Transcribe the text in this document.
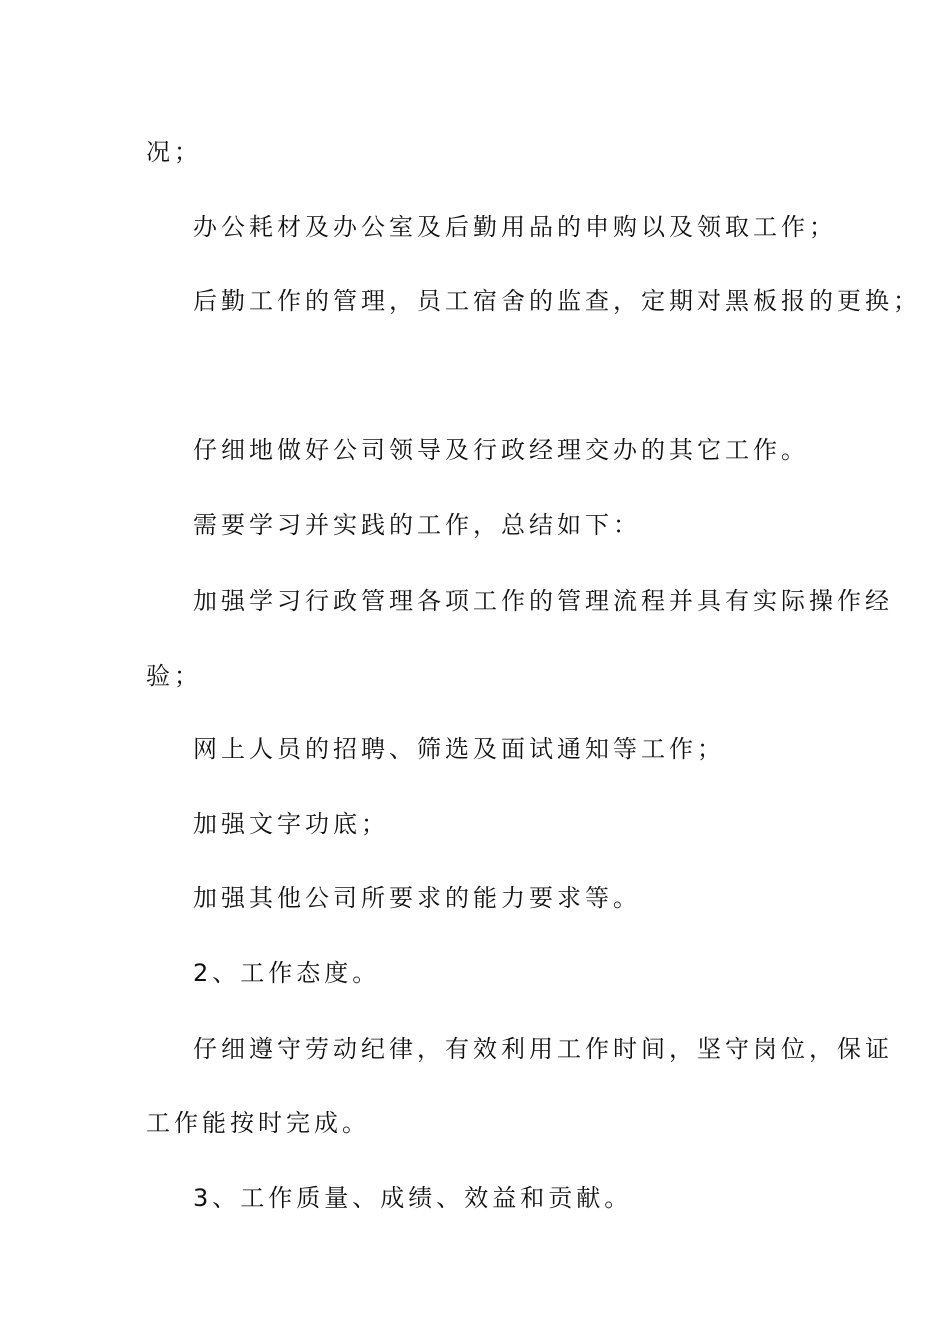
况；
办公耗材及办公室及后勤用品的申购以及领取工作；
后勤工作的管理，员工宿舍的监查，定期对黑板报的更换；
仔细地做好公司领导及行政经理交办的其它工作。
需要学习并实践的工作，总结如下：
加强学习行政管理各项工作的管理流程并具有实际操作经
验；
网上人员的招聘、筛选及面试通知等工作；
加强文字功底；
加强其他公司所要求的能力要求等。
2、工作态度。
仔细遵守劳动纪律，有效利用工作时间，坚守岗位，保证
工作能按时完成。
3、工作质量、成绩、效益和贡献。
